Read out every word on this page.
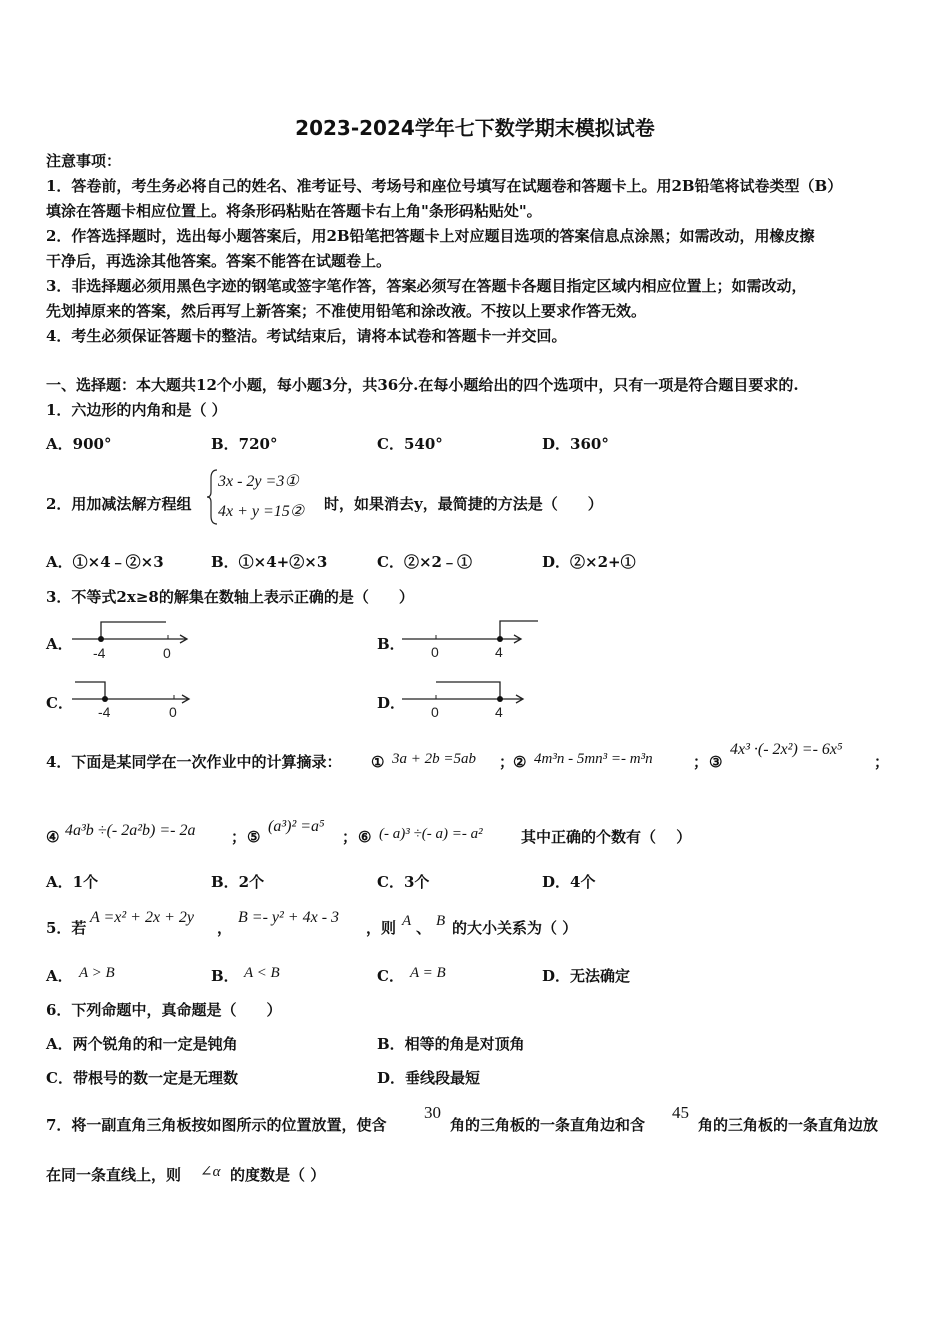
2023-2024学年七下数学期末模拟试卷
注意事项：
1．答卷前，考生务必将自己的姓名、准考证号、考场号和座位号填写在试题卷和答题卡上。用2B铅笔将试卷类型（B）
填涂在答题卡相应位置上。将条形码粘贴在答题卡右上角"条形码粘贴处"。
2．作答选择题时，选出每小题答案后，用2B铅笔把答题卡上对应题目选项的答案信息点涂黑；如需改动，用橡皮擦
干净后，再选涂其他答案。答案不能答在试题卷上。
3．非选择题必须用黑色字迹的钢笔或签字笔作答，答案必须写在答题卡各题目指定区域内相应位置上；如需改动，
先划掉原来的答案，然后再写上新答案；不准使用铅笔和涂改液。不按以上要求作答无效。
4．考生必须保证答题卡的整洁。考试结束后，请将本试卷和答题卡一并交回。
一、选择题：本大题共12个小题，每小题3分，共36分.在每小题给出的四个选项中，只有一项是符合题目要求的.
1．六边形的内角和是（ ）
A．900°	B．720°	C．540°	D．360°
2．用加减法解方程组
3x - 2y =3①
4x + y =15② 时，如果消去y，最简捷的方法是（　　）
A．①×4﹣②×3	B．①×4+②×3	C．②×2﹣①	D．②×2+①
3．不等式2x≥8的解集在数轴上表示正确的是（　　）
A． -4	0	B． 0	4
C． -4	0	D． 0	4
4．下面是某同学在一次作业中的计算摘录： ① 3a + 2b =5ab ；
② 4m³n - 5mn³ =- m³n	； ③
4x³ ·(- 2x²) =- 6x⁵
；
④ 4a³b ÷(- 2a²b) =- 2a ； ⑤
(a³)² =a⁵
； ⑥ (- a)³ ÷(- a) =- a²	其中正确的个数有（　 ）
A．1个	B．2个	C．3个	D．4个
5．若
A =x² + 2x + 2y
，
B =- y² + 4x - 3
，则 A 、 B 的大小关系为（ ）
A． A > B	B． A < B	C． A = B	D．无法确定
6．下列命题中，真命题是（　　）
A．两个锐角的和一定是钝角	B．相等的角是对顶角
C．带根号的数一定是无理数	D．垂线段最短
7．将一副直角三角板按如图所示的位置放置，使含
30
角的三角板的一条直角边和含
45
角的三角板的一条直角边放
在同一条直线上，则 ∠α 的度数是（ ）
